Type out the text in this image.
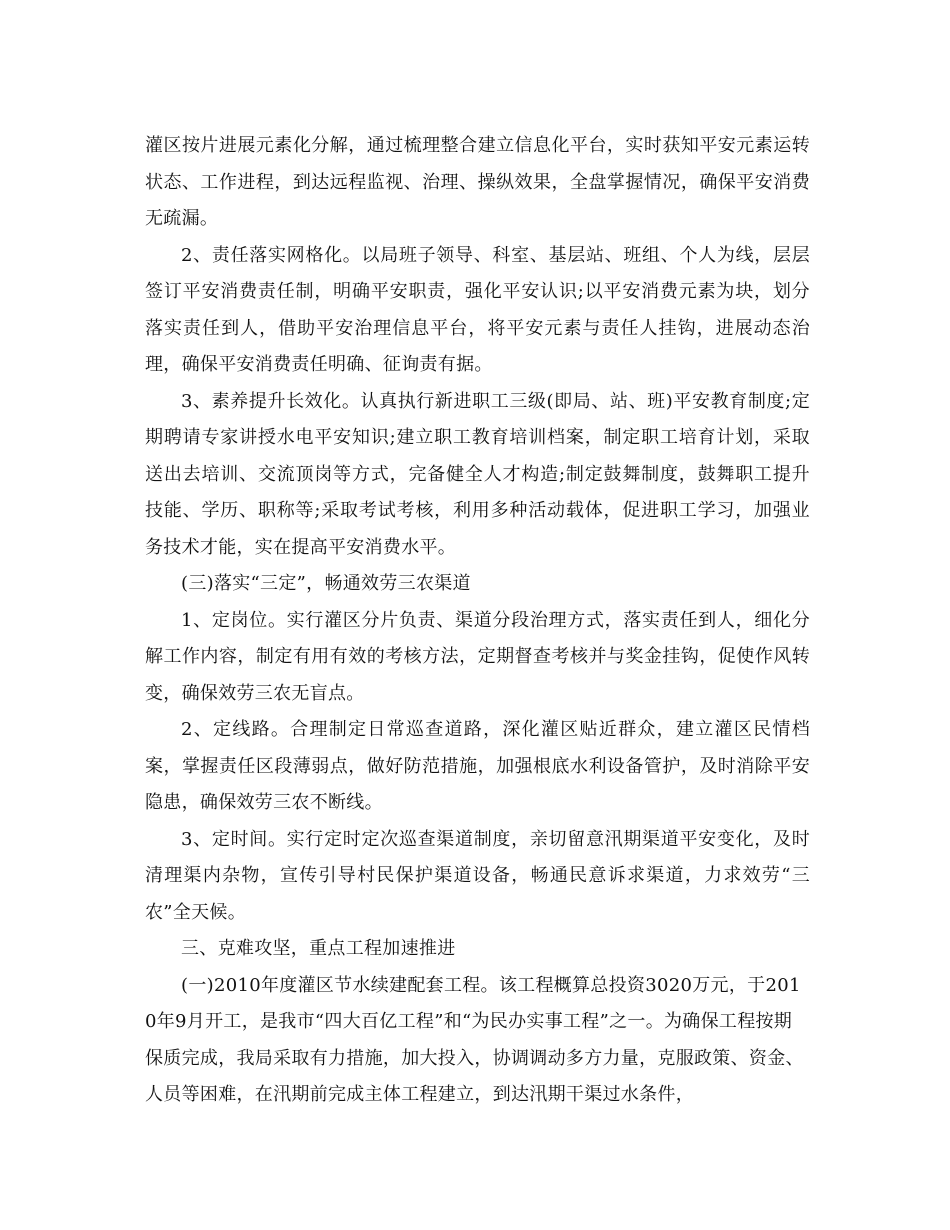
灌区按片进展元素化分解，通过梳理整合建立信息化平台，实时获知平安元素运转状态、工作进程，到达远程监视、治理、操纵效果，全盘掌握情况，确保平安消费无疏漏。

2、责任落实网格化。以局班子领导、科室、基层站、班组、个人为线，层层签订平安消费责任制，明确平安职责，强化平安认识;以平安消费元素为块，划分落实责任到人，借助平安治理信息平台，将平安元素与责任人挂钩，进展动态治理，确保平安消费责任明确、征询责有据。

3、素养提升长效化。认真执行新进职工三级(即局、站、班)平安教育制度;定期聘请专家讲授水电平安知识;建立职工教育培训档案，制定职工培育计划，采取送出去培训、交流顶岗等方式，完备健全人才构造;制定鼓舞制度，鼓舞职工提升技能、学历、职称等;采取考试考核，利用多种活动载体，促进职工学习，加强业务技术才能，实在提高平安消费水平。

(三)落实“三定”，畅通效劳三农渠道

1、定岗位。实行灌区分片负责、渠道分段治理方式，落实责任到人，细化分解工作内容，制定有用有效的考核方法，定期督查考核并与奖金挂钩，促使作风转变，确保效劳三农无盲点。

2、定线路。合理制定日常巡查道路，深化灌区贴近群众，建立灌区民情档案，掌握责任区段薄弱点，做好防范措施，加强根底水利设备管护，及时消除平安隐患，确保效劳三农不断线。

3、定时间。实行定时定次巡查渠道制度，亲切留意汛期渠道平安变化，及时清理渠内杂物，宣传引导村民保护渠道设备，畅通民意诉求渠道，力求效劳“三农”全天候。

三、克难攻坚，重点工程加速推进

(一)2010年度灌区节水续建配套工程。该工程概算总投资3020万元，于2010年9月开工，是我市“四大百亿工程”和“为民办实事工程”之一。为确保工程按期保质完成，我局采取有力措施，加大投入，协调调动多方力量，克服政策、资金、人员等困难，在汛期前完成主体工程建立，到达汛期干渠过水条件，
